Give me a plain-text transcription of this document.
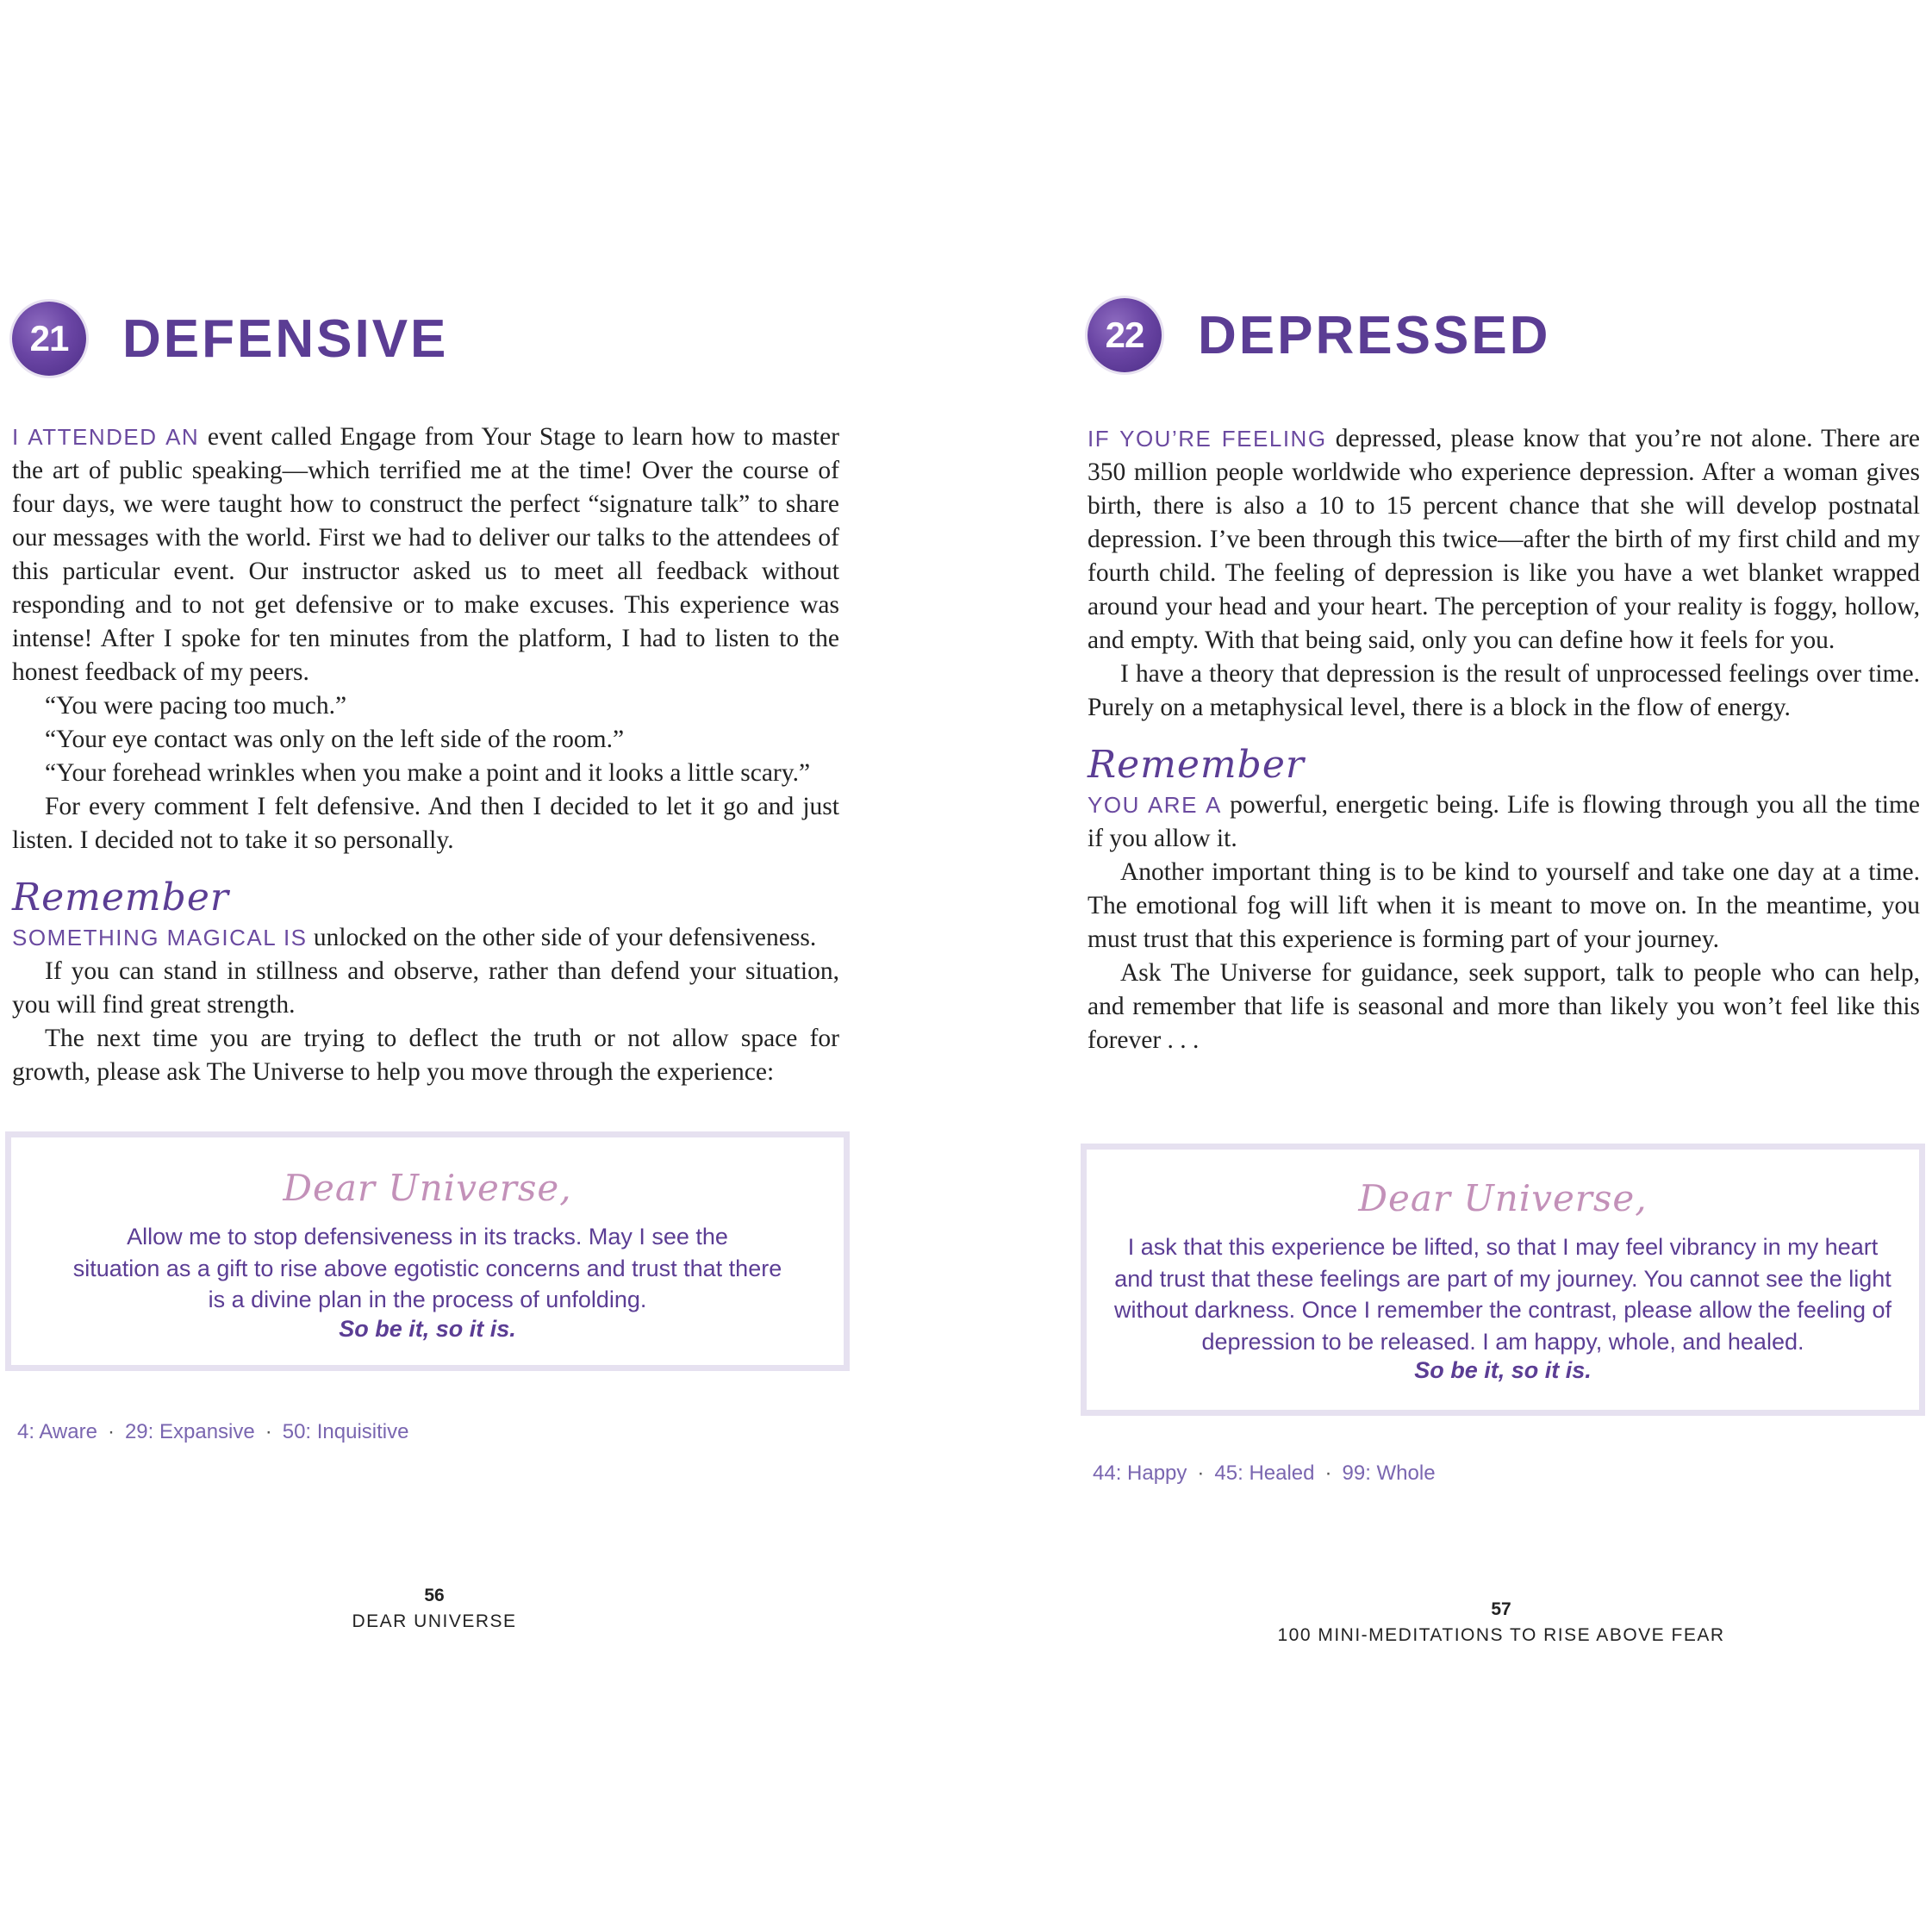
21	DEFENSIVE

I ATTENDED AN event called Engage from Your Stage to learn how to master the art of public speaking—which terrified me at the time! Over the course of four days, we were taught how to construct the perfect “signature talk” to share our messages with the world. First we had to deliver our talks to the attendees of this particular event. Our instructor asked us to meet all feedback without responding and to not get defensive or to make excuses. This experience was intense! After I spoke for ten minutes from the platform, I had to listen to the honest feedback of my peers.

“You were pacing too much.”

“Your eye contact was only on the left side of the room.”

“Your forehead wrinkles when you make a point and it looks a little scary.”

For every comment I felt defensive. And then I decided to let it go and just listen. I decided not to take it so personally.

Remember

SOMETHING MAGICAL IS unlocked on the other side of your defensiveness.

If you can stand in stillness and observe, rather than defend your situation, you will find great strength.

The next time you are trying to deflect the truth or not allow space for growth, please ask The Universe to help you move through the experience:

Dear Universe,
Allow me to stop defensiveness in its tracks. May I see the
situation as a gift to rise above egotistic concerns and trust that there
is a divine plan in the process of unfolding.
So be it, so it is.
4: Aware · 29: Expansive · 50: Inquisitive
56
DEAR UNIVERSE
22	DEPRESSED

IF YOU’RE FEELING depressed, please know that you’re not alone. There are 350 million people worldwide who experience depression. After a woman gives birth, there is also a 10 to 15 percent chance that she will develop postnatal depression. I’ve been through this twice—after the birth of my first child and my fourth child. The feeling of depression is like you have a wet blanket wrapped around your head and your heart. The perception of your reality is foggy, hollow, and empty. With that being said, only you can define how it feels for you.

I have a theory that depression is the result of unprocessed feelings over time. Purely on a metaphysical level, there is a block in the flow of energy.

Remember

YOU ARE A powerful, energetic being. Life is flowing through you all the time if you allow it.

Another important thing is to be kind to yourself and take one day at a time. The emotional fog will lift when it is meant to move on. In the meantime, you must trust that this experience is forming part of your journey.

Ask The Universe for guidance, seek support, talk to people who can help, and remember that life is seasonal and more than likely you won’t feel like this forever . . .

Dear Universe,
I ask that this experience be lifted, so that I may feel vibrancy in my heart
and trust that these feelings are part of my journey. You cannot see the light
without darkness. Once I remember the contrast, please allow the feeling of
depression to be released. I am happy, whole, and healed.
So be it, so it is.
44: Happy · 45: Healed · 99: Whole
57
100 MINI-MEDITATIONS TO RISE ABOVE FEAR
